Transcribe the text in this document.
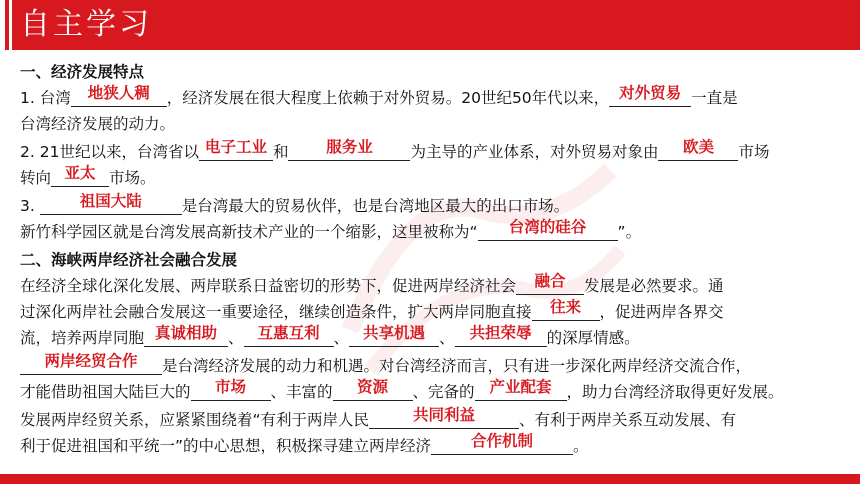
自主学习
一、经济发展特点
1. 台湾 地狭人稠 ，经济发展在很大程度上依赖于对外贸易。20世纪50年代以来， 对外贸易 一直是
台湾经济发展的动力。
2. 21世纪以来，台湾省以 电子工业 和 服务业 为主导的产业体系，对外贸易对象由 欧美 市场
转向 亚太 市场。
3.	祖国大陆	是台湾最大的贸易伙伴，也是台湾地区最大的出口市场。
新竹科学园区就是台湾发展高新技术产业的一个缩影，这里被称为“ 台湾的硅谷 ”。
二、海峡两岸经济社会融合发展
在经济全球化深化发展、两岸联系日益密切的形势下，促进两岸经济社会 融合 发展是必然要求。通
过深化两岸社会融合发展这一重要途径，继续创造条件，扩大两岸同胞直接 往来 ，促进两岸各界交
流，培养两岸同胞 真诚相助 、 互惠互利 、 共享机遇 、 共担荣辱 的深厚情感。
两岸经贸合作 是台湾经济发展的动力和机遇。对台湾经济而言，只有进一步深化两岸经济交流合作，
才能借助祖国大陆巨大的 市场 、丰富的 资源 、完备的 产业配套 ，助力台湾经济取得更好发展。
发展两岸经贸关系，应紧紧围绕着“有利于两岸人民	共同利益	、有利于两岸关系互动发展、有
利于促进祖国和平统一”的中心思想，积极探寻建立两岸经济	合作机制	。
